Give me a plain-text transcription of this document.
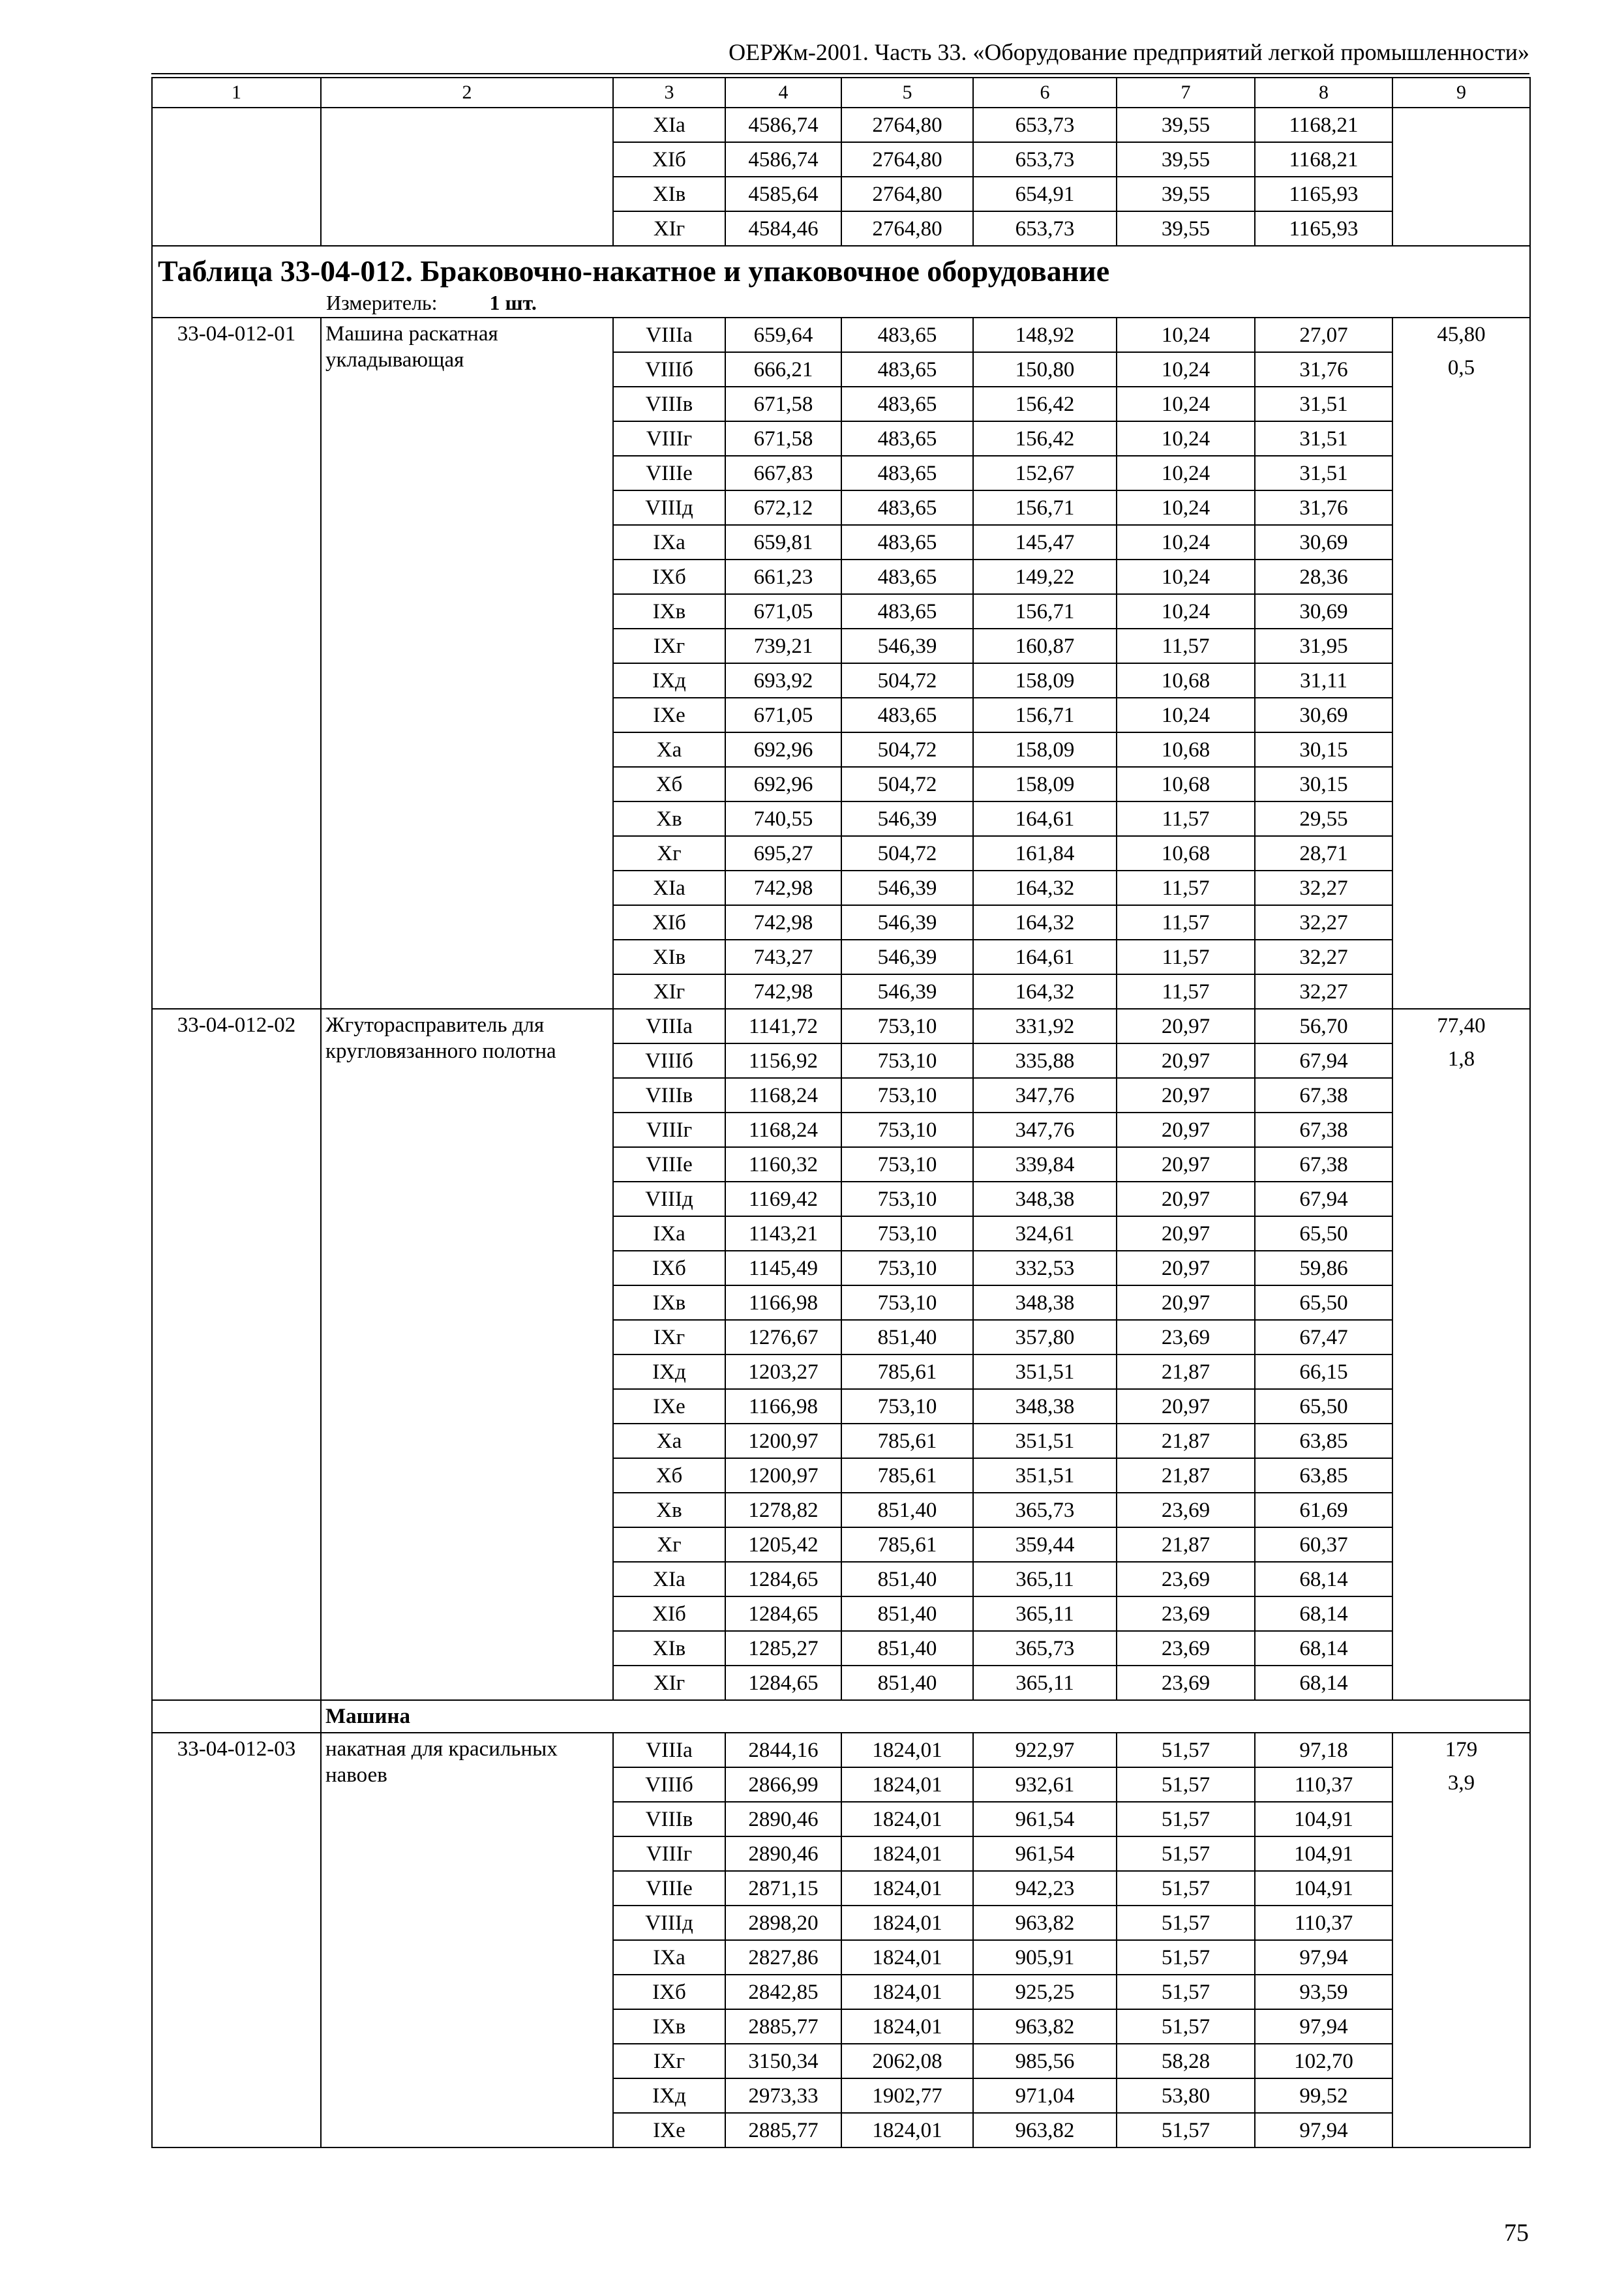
ОЕРЖм-2001. Часть 33. «Оборудование предприятий легкой промышленности»
1	2	3	4	5	6	7	8	9
		XIа	4586,74	2764,80	653,73	39,55	1168,21	
		XIб	4586,74	2764,80	653,73	39,55	1168,21	
		XIв	4585,64	2764,80	654,91	39,55	1165,93	
		XIг	4584,46	2764,80	653,73	39,55	1165,93	

Таблица 33-04-012. Браковочно-накатное и упаковочное оборудование
Измеритель: 1 шт.								

33-04-012-01	Машина раскатная укладывающая	VIIIа	659,64	483,65	148,92	10,24	27,07	45,80
0,5

		VIIIб	666,21	483,65	150,80	10,24	31,76	
		VIIIв	671,58	483,65	156,42	10,24	31,51	
		VIIIг	671,58	483,65	156,42	10,24	31,51	
		VIIIе	667,83	483,65	152,67	10,24	31,51	
		VIIIд	672,12	483,65	156,71	10,24	31,76	
		IXа	659,81	483,65	145,47	10,24	30,69	
		IXб	661,23	483,65	149,22	10,24	28,36	
		IXв	671,05	483,65	156,71	10,24	30,69	
		IXг	739,21	546,39	160,87	11,57	31,95	
		IXд	693,92	504,72	158,09	10,68	31,11	
		IXе	671,05	483,65	156,71	10,24	30,69	
		Xа	692,96	504,72	158,09	10,68	30,15	
		Xб	692,96	504,72	158,09	10,68	30,15	
		Xв	740,55	546,39	164,61	11,57	29,55	
		Xг	695,27	504,72	161,84	10,68	28,71	
		XIа	742,98	546,39	164,32	11,57	32,27	
		XIб	742,98	546,39	164,32	11,57	32,27	
		XIв	743,27	546,39	164,61	11,57	32,27	
		XIг	742,98	546,39	164,32	11,57	32,27	
33-04-012-02	Жгутораспрaвитель для кругловязанного полотна	VIIIа	1141,72	753,10	331,92	20,97	56,70	77,40
1,8

		VIIIб	1156,92	753,10	335,88	20,97	67,94	
		VIIIв	1168,24	753,10	347,76	20,97	67,38	
		VIIIг	1168,24	753,10	347,76	20,97	67,38	
		VIIIе	1160,32	753,10	339,84	20,97	67,38	
		VIIIд	1169,42	753,10	348,38	20,97	67,94	
		IXа	1143,21	753,10	324,61	20,97	65,50	
		IXб	1145,49	753,10	332,53	20,97	59,86	
		IXв	1166,98	753,10	348,38	20,97	65,50	
		IXг	1276,67	851,40	357,80	23,69	67,47	
		IXд	1203,27	785,61	351,51	21,87	66,15	
		IXе	1166,98	753,10	348,38	20,97	65,50	
		Xа	1200,97	785,61	351,51	21,87	63,85	
		Xб	1200,97	785,61	351,51	21,87	63,85	
		Xв	1278,82	851,40	365,73	23,69	61,69	
		Xг	1205,42	785,61	359,44	21,87	60,37	
		XIа	1284,65	851,40	365,11	23,69	68,14	
		XIб	1284,65	851,40	365,11	23,69	68,14	
		XIв	1285,27	851,40	365,73	23,69	68,14	
		XIг	1284,65	851,40	365,11	23,69	68,14	
	Машина							
33-04-012-03	накатная для красильных навоев	VIIIа	2844,16	1824,01	922,97	51,57	97,18	179
3,9

		VIIIб	2866,99	1824,01	932,61	51,57	110,37	
		VIIIв	2890,46	1824,01	961,54	51,57	104,91	
		VIIIг	2890,46	1824,01	961,54	51,57	104,91	
		VIIIе	2871,15	1824,01	942,23	51,57	104,91	
		VIIIд	2898,20	1824,01	963,82	51,57	110,37	
		IXа	2827,86	1824,01	905,91	51,57	97,94	
		IXб	2842,85	1824,01	925,25	51,57	93,59	
		IXв	2885,77	1824,01	963,82	51,57	97,94	
		IXг	3150,34	2062,08	985,56	58,28	102,70	
		IXд	2973,33	1902,77	971,04	53,80	99,52	
		IXе	2885,77	1824,01	963,82	51,57	97,94	
75
